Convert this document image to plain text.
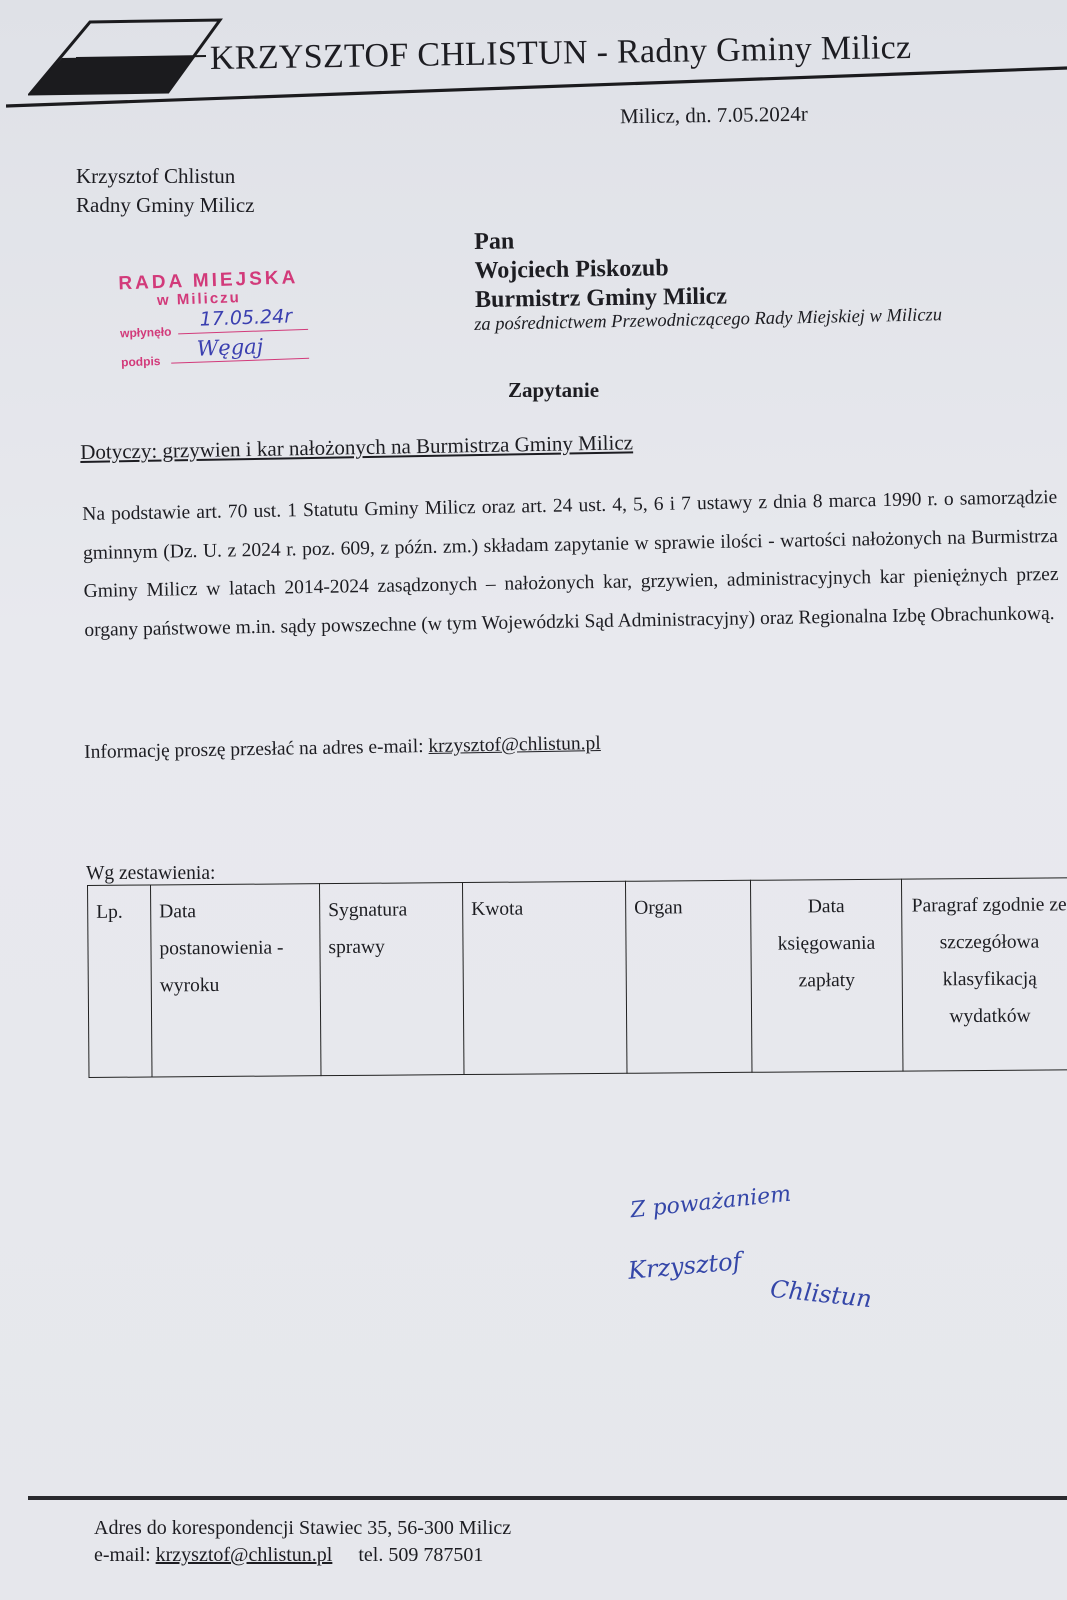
KRZYSZTOF CHLISTUN - Radny Gminy Milicz
Milicz, dn. 7.05.2024r
Krzysztof Chlistun
Radny Gminy Milicz
RADA MIEJSKA
w Miliczu
wpłynęło
17.05.24r
podpis
Węgaj
Pan
Wojciech Piskozub
Burmistrz Gminy Milicz
za pośrednictwem Przewodniczącego Rady Miejskiej w Miliczu
Zapytanie
Dotyczy: grzywien i kar nałożonych na Burmistrza Gminy Milicz
Na podstawie art. 70 ust. 1 Statutu Gminy Milicz oraz art. 24 ust. 4, 5, 6 i 7 ustawy z dnia 8 marca 1990 r. o samorządzie gminnym (Dz. U. z 2024 r. poz. 609, z późn. zm.) składam zapytanie w sprawie ilości - wartości nałożonych na Burmistrza Gminy Milicz w latach 2014-2024 zasądzonych – nałożonych kar, grzywien, administracyjnych kar pieniężnych przez organy państwowe m.in. sądy powszechne (w tym Wojewódzki Sąd Administracyjny) oraz Regionalna Izbę Obrachunkową.
Informację proszę przesłać na adres e-mail: krzysztof@chlistun.pl
Wg zestawienia:
Lp.	Data postanowienia - wyroku	Sygnatura sprawy	Kwota	Organ	Data księgowania zapłaty	Paragraf zgodnie ze szczegółowa klasyfikacją wydatków
Z poważaniem
Krzysztof
Chlistun
Adres do korespondencji Stawiec 35, 56-300 Milicz
e-mail: krzysztof@chlistun.pl tel. 509 787501
